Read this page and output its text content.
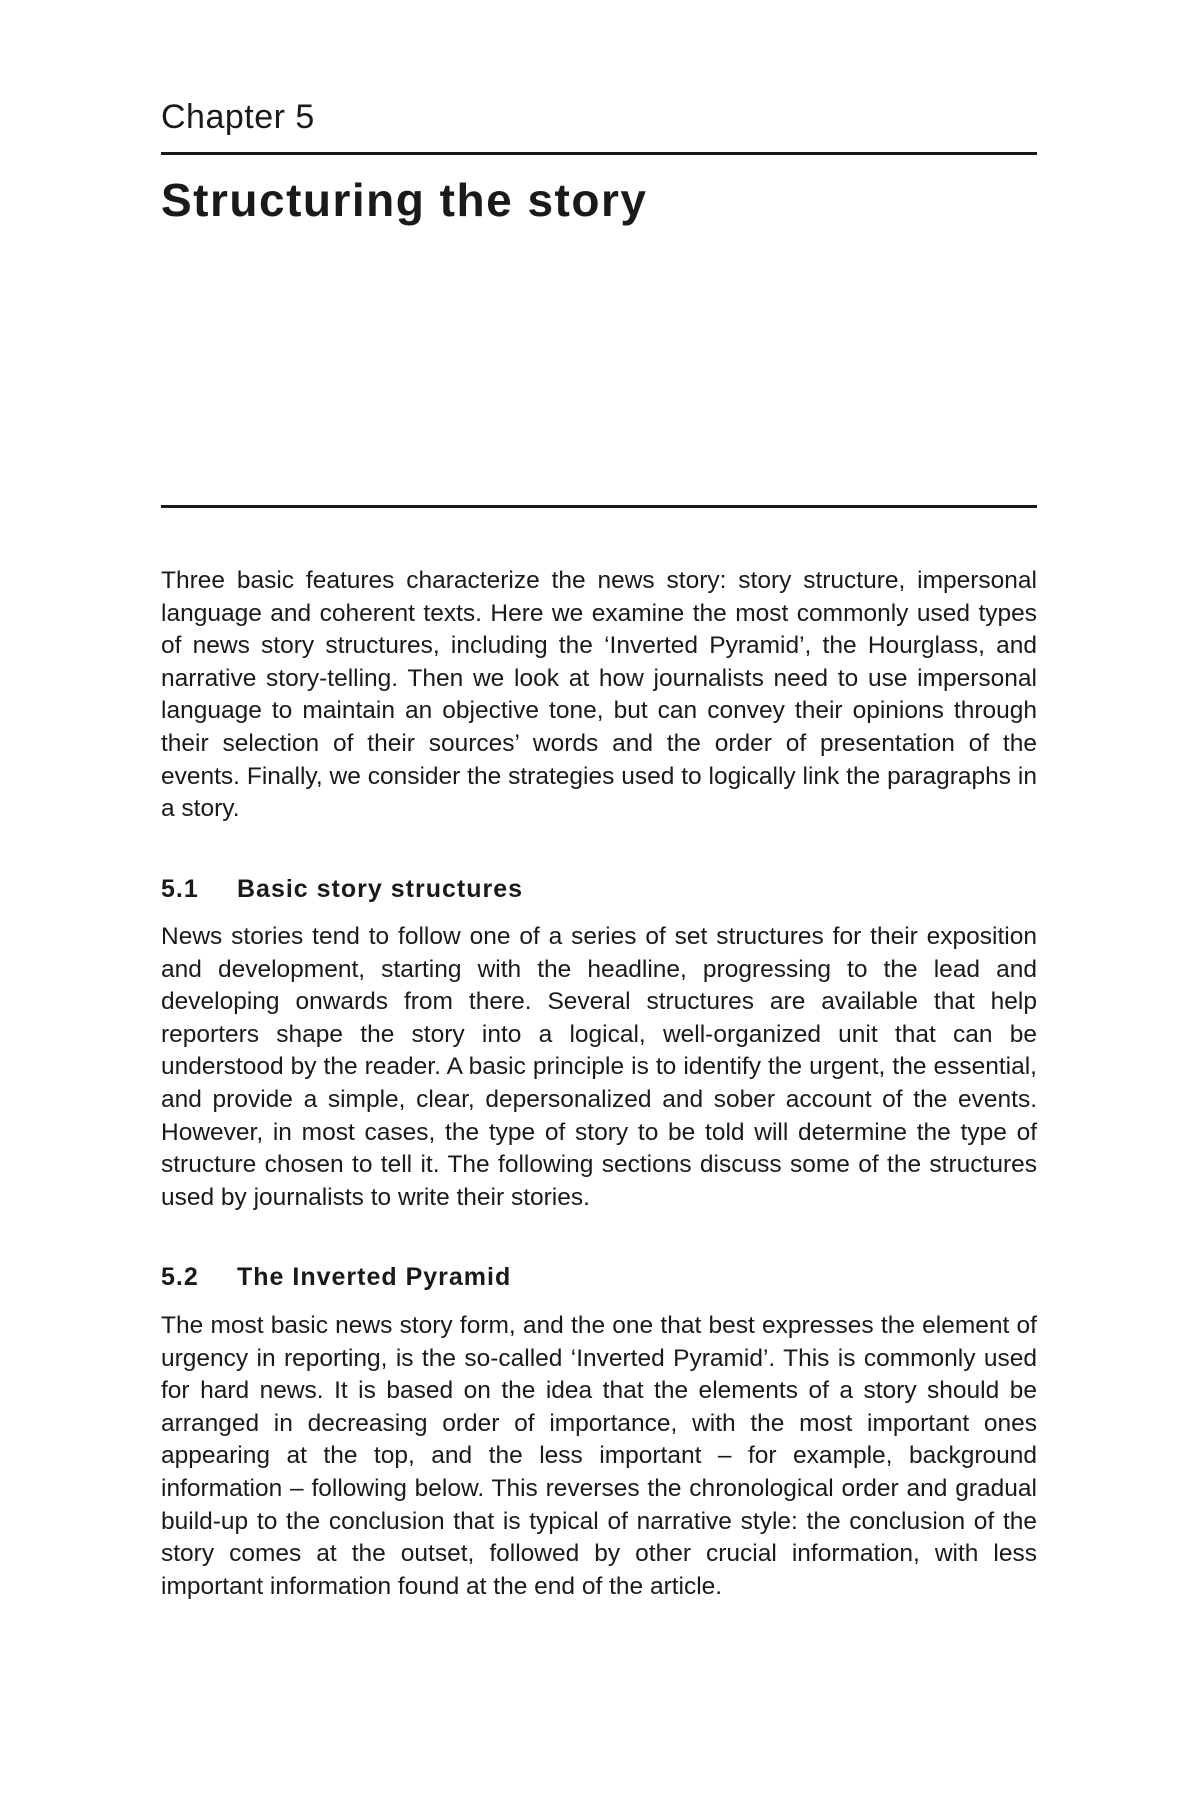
Chapter 5
Structuring the story

Three basic features characterize the news story: story structure, impersonal language and coherent texts. Here we examine the most commonly used types of news story structures, including the ‘Inverted Pyramid’, the Hourglass, and narrative story-telling. Then we look at how journalists need to use impersonal language to maintain an objective tone, but can convey their opinions through their selection of their sources’ words and the order of presentation of the events. Finally, we consider the strategies used to logically link the paragraphs in a story.

5.1 Basic story structures

News stories tend to follow one of a series of set structures for their exposition and development, starting with the headline, progressing to the lead and developing onwards from there. Several structures are available that help reporters shape the story into a logical, well-organized unit that can be understood by the reader. A basic principle is to identify the urgent, the essential, and provide a simple, clear, depersonalized and sober account of the events. However, in most cases, the type of story to be told will determine the type of structure chosen to tell it. The following sections discuss some of the structures used by journalists to write their stories.

5.2 The Inverted Pyramid

The most basic news story form, and the one that best expresses the element of urgency in reporting, is the so-called ‘Inverted Pyramid’. This is commonly used for hard news. It is based on the idea that the elements of a story should be arranged in decreasing order of importance, with the most important ones appearing at the top, and the less important – for example, background information – following below. This reverses the chronological order and gradual build-up to the conclusion that is typical of narrative style: the conclusion of the story comes at the outset, followed by other crucial information, with less important information found at the end of the article.
